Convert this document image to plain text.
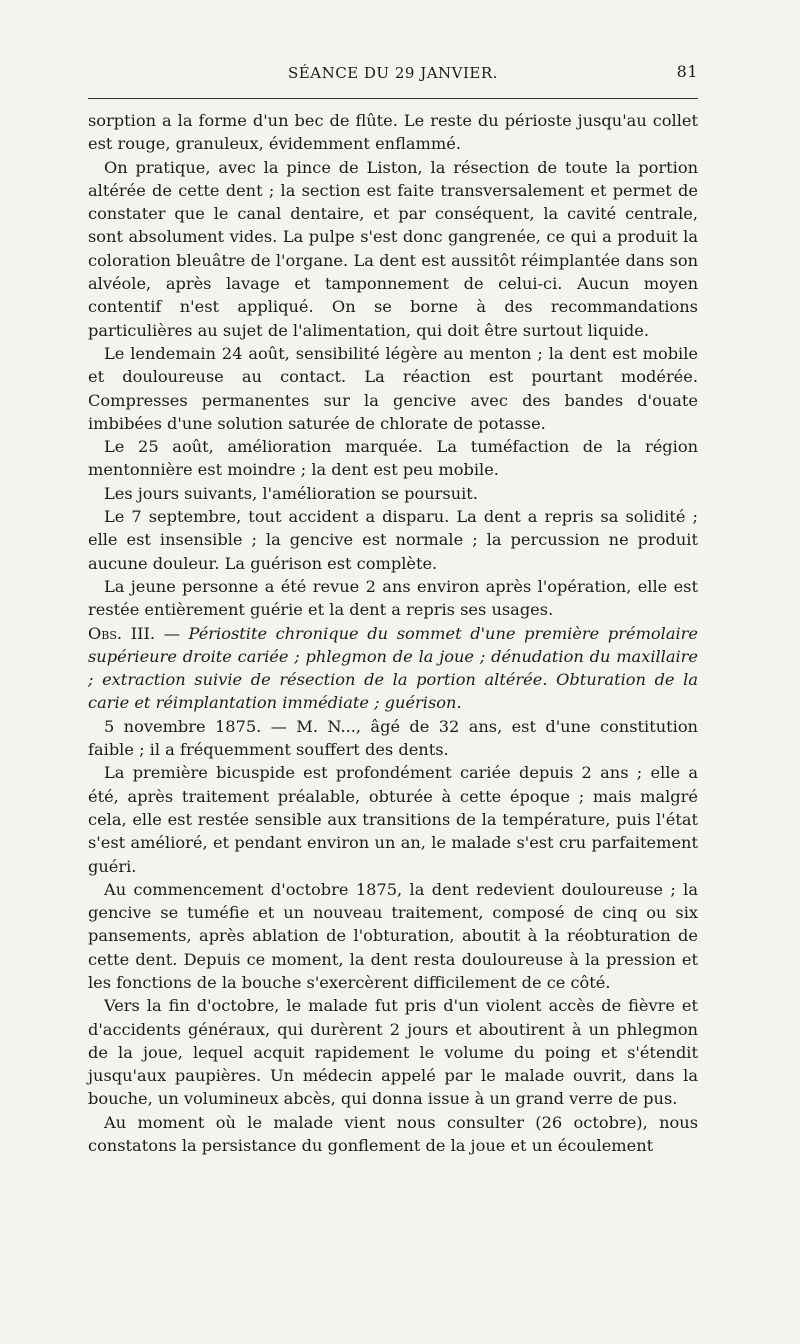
SÉANCE DU 29 JANVIER.	81

sorption a la forme d'un bec de flûte. Le reste du périoste jusqu'au collet est rouge, granuleux, évidemment enflammé.

On pratique, avec la pince de Liston, la résection de toute la portion altérée de cette dent ; la section est faite transversalement et permet de constater que le canal dentaire, et par conséquent, la cavité centrale, sont absolument vides. La pulpe s'est donc gangrenée, ce qui a produit la coloration bleuâtre de l'organe. La dent est aussitôt réimplantée dans son alvéole, après lavage et tamponnement de celui-ci. Aucun moyen contentif n'est appliqué. On se borne à des recommandations particulières au sujet de l'alimentation, qui doit être surtout liquide.

Le lendemain 24 août, sensibilité légère au menton ; la dent est mobile et douloureuse au contact. La réaction est pourtant modérée. Compresses permanentes sur la gencive avec des bandes d'ouate imbibées d'une solution saturée de chlorate de potasse.

Le 25 août, amélioration marquée. La tuméfaction de la région mentonnière est moindre ; la dent est peu mobile.

Les jours suivants, l'amélioration se poursuit.

Le 7 septembre, tout accident a disparu. La dent a repris sa solidité ; elle est insensible ; la gencive est normale ; la percussion ne produit aucune douleur. La guérison est complète.

La jeune personne a été revue 2 ans environ après l'opération, elle est restée entièrement guérie et la dent a repris ses usages.

Obs. III. — Périostite chronique du sommet d'une première prémolaire supérieure droite cariée ; phlegmon de la joue ; dénudation du maxillaire ; extraction suivie de résection de la portion altérée. Obturation de la carie et réimplantation immédiate ; guérison.

5 novembre 1875. — M. N..., âgé de 32 ans, est d'une constitution faible ; il a fréquemment souffert des dents.

La première bicuspide est profondément cariée depuis 2 ans ; elle a été, après traitement préalable, obturée à cette époque ; mais malgré cela, elle est restée sensible aux transitions de la température, puis l'état s'est amélioré, et pendant environ un an, le malade s'est cru parfaitement guéri.

Au commencement d'octobre 1875, la dent redevient douloureuse ; la gencive se tuméfie et un nouveau traitement, composé de cinq ou six pansements, après ablation de l'obturation, aboutit à la réobturation de cette dent. Depuis ce moment, la dent resta douloureuse à la pression et les fonctions de la bouche s'exercèrent difficilement de ce côté.

Vers la fin d'octobre, le malade fut pris d'un violent accès de fièvre et d'accidents généraux, qui durèrent 2 jours et aboutirent à un phlegmon de la joue, lequel acquit rapidement le volume du poing et s'étendit jusqu'aux paupières. Un médecin appelé par le malade ouvrit, dans la bouche, un volumineux abcès, qui donna issue à un grand verre de pus.

Au moment où le malade vient nous consulter (26 octobre), nous constatons la persistance du gonflement de la joue et un écoulement
